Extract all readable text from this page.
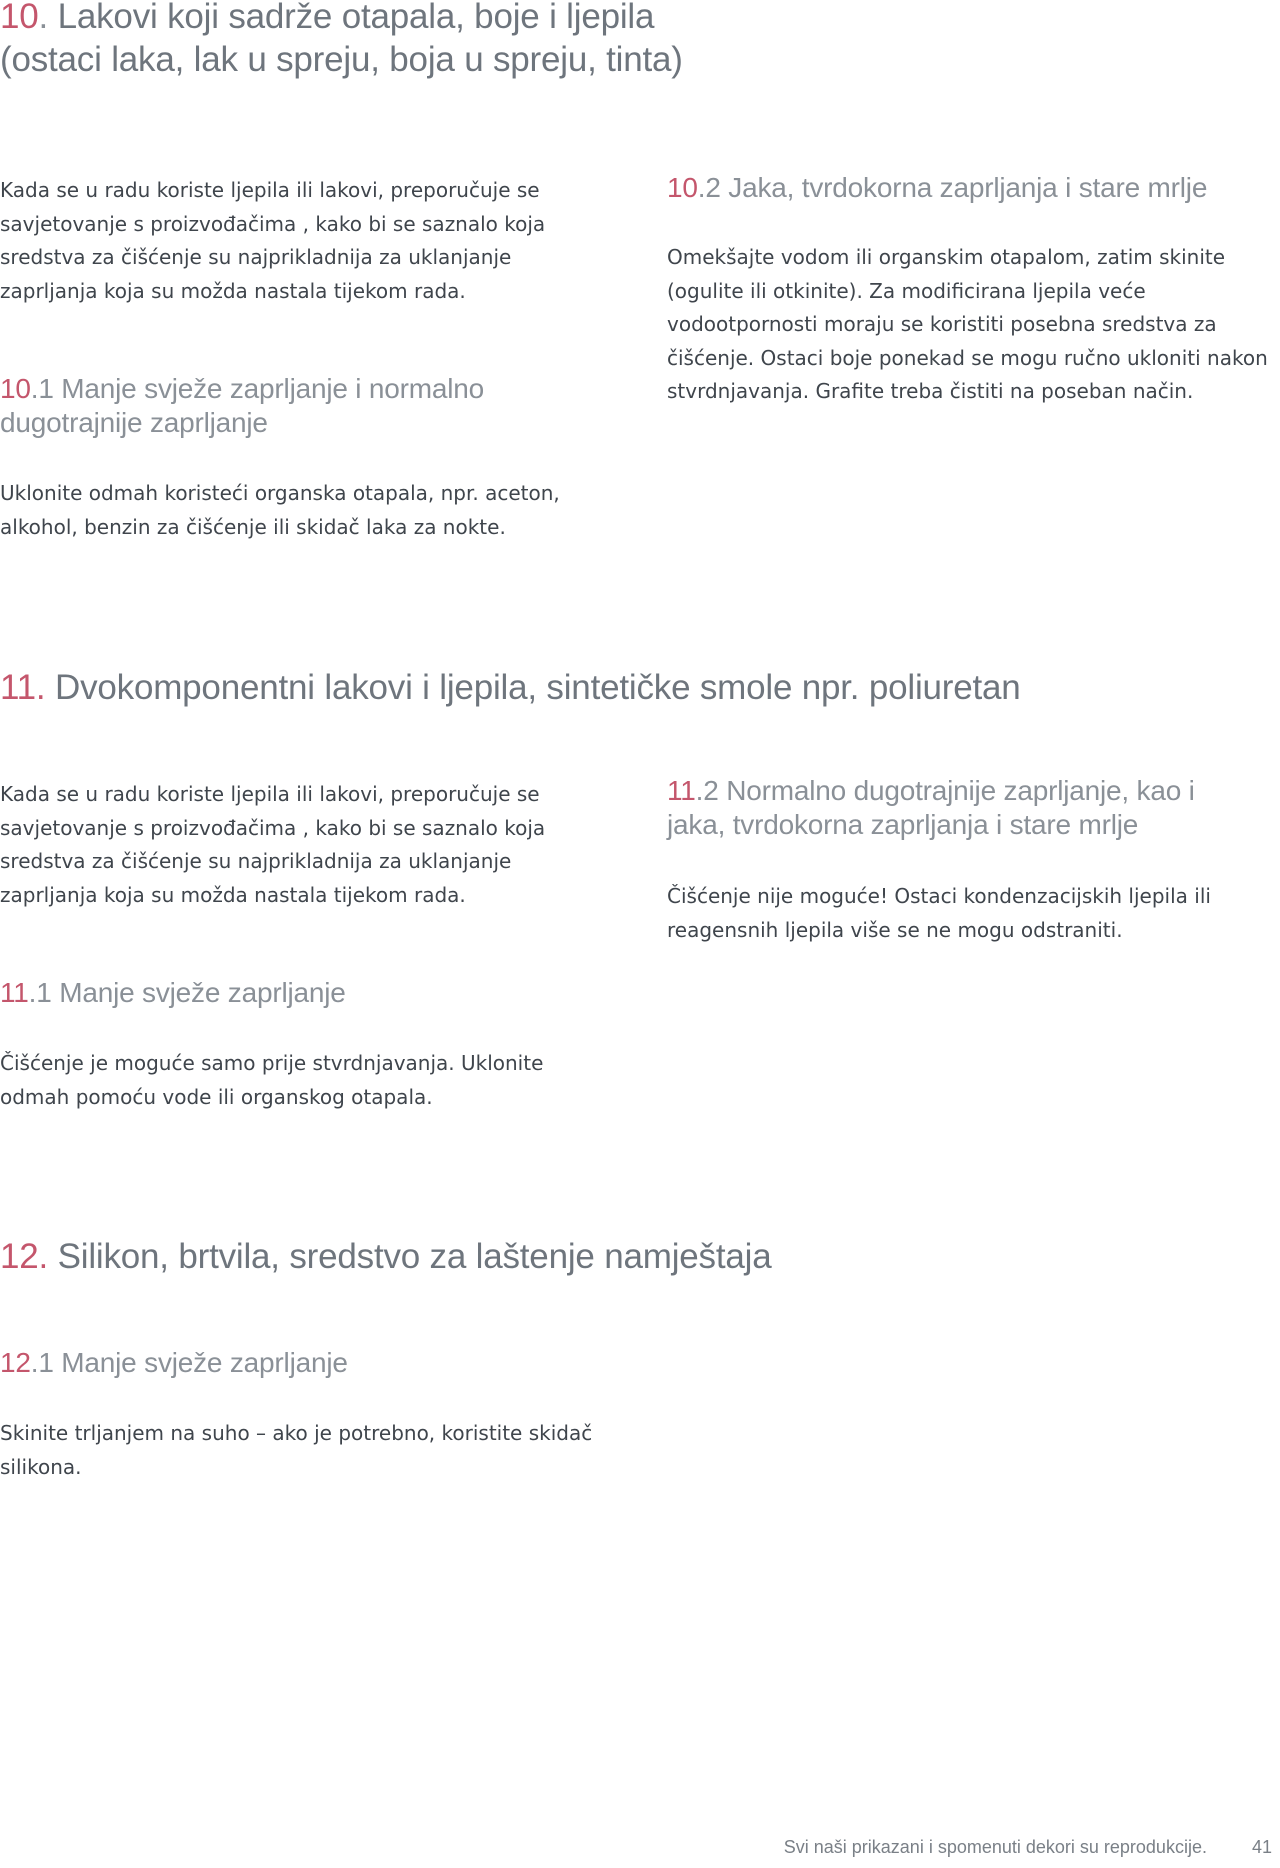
10. Lakovi koji sadrže otapala, boje i ljepila
(ostaci laka, lak u spreju, boja u spreju, tinta)

Kada se u radu koriste ljepila ili lakovi, preporučuje se savjetovanje s proizvođačima , kako bi se saznalo koja sredstva za čišćenje su najprikladnija za uklanjanje zaprljanja koja su možda nastala tijekom rada.

10.1 Manje svježe zaprljanje i normalno
dugotrajnije zaprljanje

Uklonite odmah koristeći organska otapala, npr. aceton, alkohol, benzin za čišćenje ili skidač laka za nokte.

10.2 Jaka, tvrdokorna zaprljanja i stare mrlje

Omekšajte vodom ili organskim otapalom, zatim skinite (ogulite ili otkinite). Za modificirana ljepila veće vodootpornosti moraju se koristiti posebna sredstva za čišćenje. Ostaci boje ponekad se mogu ručno ukloniti nakon stvrdnjavanja. Grafite treba čistiti na poseban način.

11. Dvokomponentni lakovi i ljepila, sintetičke smole npr. poliuretan

Kada se u radu koriste ljepila ili lakovi, preporučuje se savjetovanje s proizvođačima , kako bi se saznalo koja sredstva za čišćenje su najprikladnija za uklanjanje zaprljanja koja su možda nastala tijekom rada.

11.2 Normalno dugotrajnije zaprljanje, kao i
jaka, tvrdokorna zaprljanja i stare mrlje

Čišćenje nije moguće! Ostaci kondenzacijskih ljepila ili reagensnih ljepila više se ne mogu odstraniti.

11.1 Manje svježe zaprljanje

Čišćenje je moguće samo prije stvrdnjavanja. Uklonite odmah pomoću vode ili organskog otapala.

12. Silikon, brtvila, sredstvo za laštenje namještaja
12.1 Manje svježe zaprljanje

Skinite trljanjem na suho – ako je potrebno, koristite skidač silikona.

Svi naši prikazani i spomenuti dekori su reprodukcije.	41
